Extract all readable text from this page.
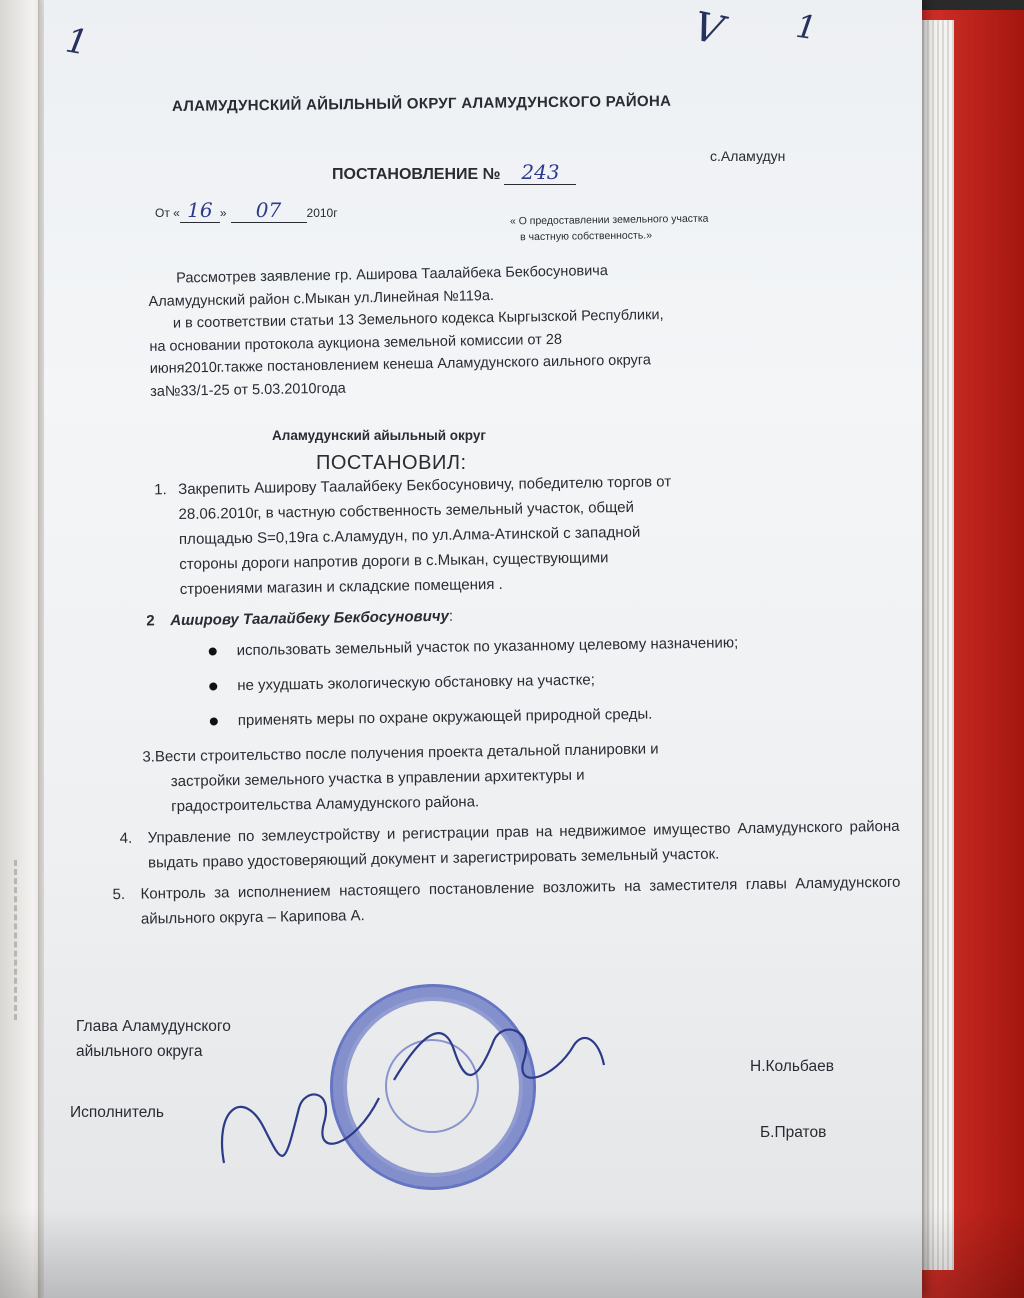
1	V 1
АЛАМУДУНСКИЙ АЙЫЛЬНЫЙ ОКРУГ АЛАМУДУНСКОГО РАЙОНА
ПОСТАНОВЛЕНИЕ № 243
с.Аламудун
От « 16 » 07 2010г	« О предоставлении земельного участка
в частную собственность.»
Рассмотрев заявление гр. Аширова Таалайбека Бекбосуновича
Аламудунский район с.Мыкан ул.Линейная №119а.
и в соответствии статьи 13 Земельного кодекса Кыргызской Республики,
на основании протокола аукциона земельной комиссии от 28
июня2010г.также постановлением кенеша Аламудунского аильного округа
за№33/1-25 от 5.03.2010года
Аламудунский айыльный округ
ПОСТАНОВИЛ:
1. Закрепить Аширову Таалайбеку Бекбосуновичу, победителю торгов от
28.06.2010г, в частную собственность земельный участок, общей
площадью S=0,19га с.Аламудун, по ул.Алма-Атинской с западной
стороны дороги напротив дороги в с.Мыкан, существующими
строениями магазин и складские помещения .
2	Аширову Таалайбеку Бекбосуновичу:
использовать земельный участок по указанному целевому назначению;
не ухудшать экологическую обстановку на участке;
применять меры по охране окружающей природной среды.
3.Вести строительство после получения проекта детальной планировки и
застройки земельного участка в управлении архитектуры и
градостроительства Аламудунского района.
4.	Управление по землеустройству и регистрации прав на недвижимое имущество Аламудунского района выдать право удостоверяющий документ и зарегистрировать земельный участок.
5.	Контроль за исполнением настоящего постановление возложить на заместителя главы Аламудунского айыльного округа – Карипова А.
Глава Аламудунского
айыльного округа
Н.Кольбаев
Исполнитель
Б.Пратов
